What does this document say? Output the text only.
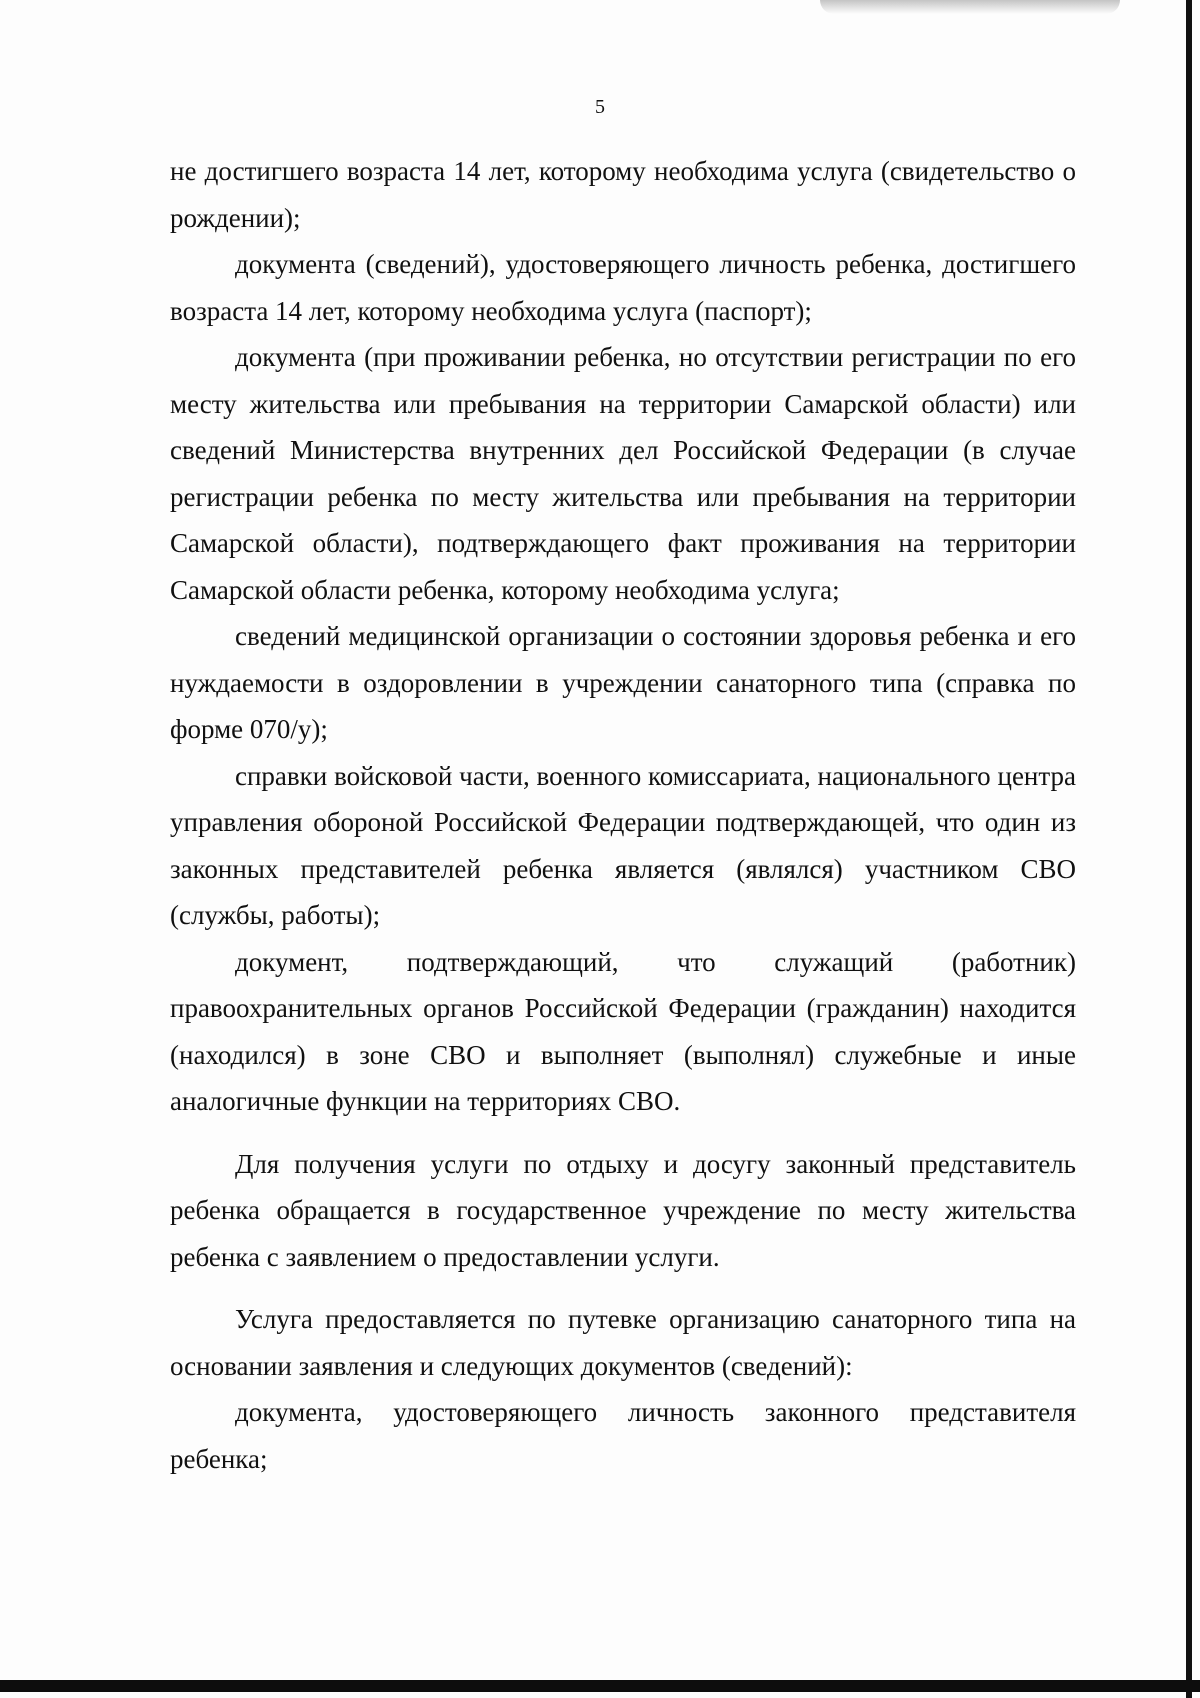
5

не достигшего возраста 14 лет, которому необходима услуга (свидетельство о рождении);

документа (сведений), удостоверяющего личность ребенка, достигшего возраста 14 лет, которому необходима услуга (паспорт);

документа (при проживании ребенка, но отсутствии регистрации по его месту жительства или пребывания на территории Самарской области) или сведений Министерства внутренних дел Российской Федерации (в случае регистрации ребенка по месту жительства или пребывания на территории Самарской области), подтверждающего факт проживания на территории Самарской области ребенка, которому необходима услуга;

сведений медицинской организации о состоянии здоровья ребенка и его нуждаемости в оздоровлении в учреждении санаторного типа (справка по форме 070/у);

справки войсковой части, военного комиссариата, национального центра управления обороной Российской Федерации подтверждающей, что один из законных представителей ребенка является (являлся) участником СВО (службы, работы);

документ, подтверждающий, что служащий (работник) правоохранительных органов Российской Федерации (гражданин) находится (находился) в зоне СВО и выполняет (выполнял) служебные и иные аналогичные функции на территориях СВО.

Для получения услуги по отдыху и досугу законный представитель ребенка обращается в государственное учреждение по месту жительства ребенка с заявлением о предоставлении услуги.

Услуга предоставляется по путевке организацию санаторного типа на основании заявления и следующих документов (сведений):

документа, удостоверяющего личность законного представителя ребенка;
